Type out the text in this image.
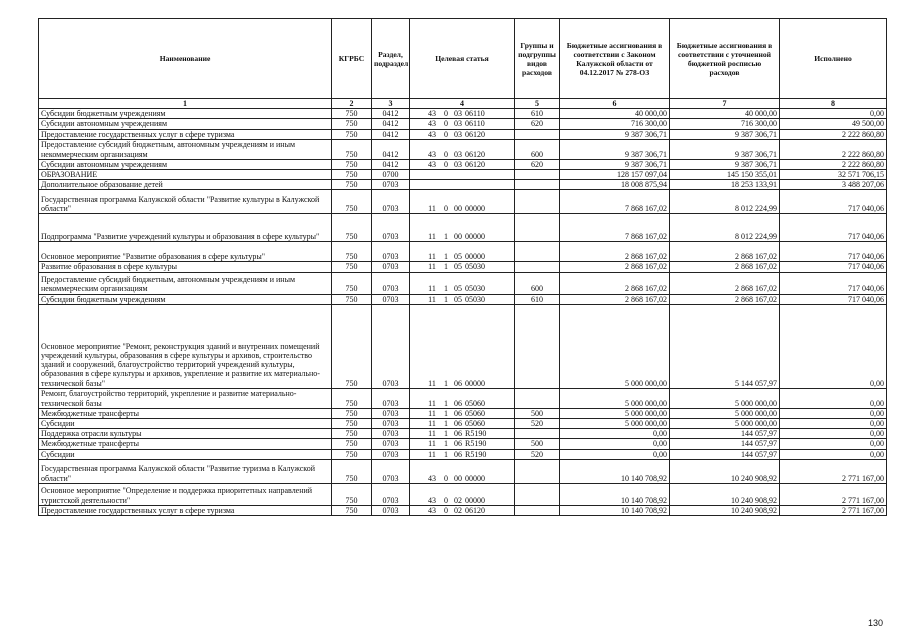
Наименование	КГРБС	Раздел, подраздел	Целевая статья	Группы и подгруппы видов расходов	Бюджетные ассигнования в соответствии с Законом Калужской области от 04.12.2017 № 278-ОЗ	Бюджетные ассигнования в соответствии с уточненной бюджетной росписью расходов	Исполнено
1	2	3	4	5	6	7	8
Субсидии бюджетным учреждениям	750	0412	43 0 03 06110	610	40 000,00	40 000,00	0,00
Субсидии автономным учреждениям	750	0412	43 0 03 06110	620	716 300,00	716 300,00	49 500,00
Предоставление государственных услуг в сфере туризма	750	0412	43 0 03 06120		9 387 306,71	9 387 306,71	2 222 860,80
Предоставление субсидий бюджетным, автономным учреждениям и иным некоммерческим организациям	750	0412	43 0 03 06120	600	9 387 306,71	9 387 306,71	2 222 860,80
Субсидии автономным учреждениям	750	0412	43 0 03 06120	620	9 387 306,71	9 387 306,71	2 222 860,80
ОБРАЗОВАНИЕ	750	0700			128 157 097,04	145 150 355,01	32 571 706,15
Дополнительное образование детей	750	0703			18 008 875,94	18 253 133,91	3 488 207,06
Государственная программа Калужской области "Развитие культуры в Калужской области"	750	0703	11 0 00 00000		7 868 167,02	8 012 224,99	717 040,06
Подпрограмма "Развитие учреждений культуры и образования в сфере культуры"	750	0703	11 1 00 00000		7 868 167,02	8 012 224,99	717 040,06
Основное мероприятие "Развитие образования в сфере культуры"	750	0703	11 1 05 00000		2 868 167,02	2 868 167,02	717 040,06
Развитие образования в сфере культуры	750	0703	11 1 05 05030		2 868 167,02	2 868 167,02	717 040,06
Предоставление субсидий бюджетным, автономным учреждениям и иным некоммерческим организациям	750	0703	11 1 05 05030	600	2 868 167,02	2 868 167,02	717 040,06
Субсидии бюджетным учреждениям	750	0703	11 1 05 05030	610	2 868 167,02	2 868 167,02	717 040,06
Основное мероприятие "Ремонт, реконструкция зданий и внутренних помещений учреждений культуры, образования в сфере культуры и архивов, строительство зданий и сооружений, благоустройство территорий учреждений культуры, образования в сфере культуры и архивов, укрепление и развитие их материально-технической базы"	750	0703	11 1 06 00000		5 000 000,00	5 144 057,97	0,00
Ремонт, благоустройство территорий, укрепление и развитие материально-технической базы	750	0703	11 1 06 05060		5 000 000,00	5 000 000,00	0,00
Межбюджетные трансферты	750	0703	11 1 06 05060	500	5 000 000,00	5 000 000,00	0,00
Субсидии	750	0703	11 1 06 05060	520	5 000 000,00	5 000 000,00	0,00
Поддержка отрасли культуры	750	0703	11 1 06 R5190		0,00	144 057,97	0,00
Межбюджетные трансферты	750	0703	11 1 06 R5190	500	0,00	144 057,97	0,00
Субсидии	750	0703	11 1 06 R5190	520	0,00	144 057,97	0,00
Государственная программа Калужской области "Развитие туризма в Калужской области"	750	0703	43 0 00 00000		10 140 708,92	10 240 908,92	2 771 167,00
Основное мероприятие "Определение и поддержка приоритетных направлений туристской деятельности"	750	0703	43 0 02 00000		10 140 708,92	10 240 908,92	2 771 167,00
Предоставление государственных услуг в сфере туризма	750	0703	43 0 02 06120		10 140 708,92	10 240 908,92	2 771 167,00
130
